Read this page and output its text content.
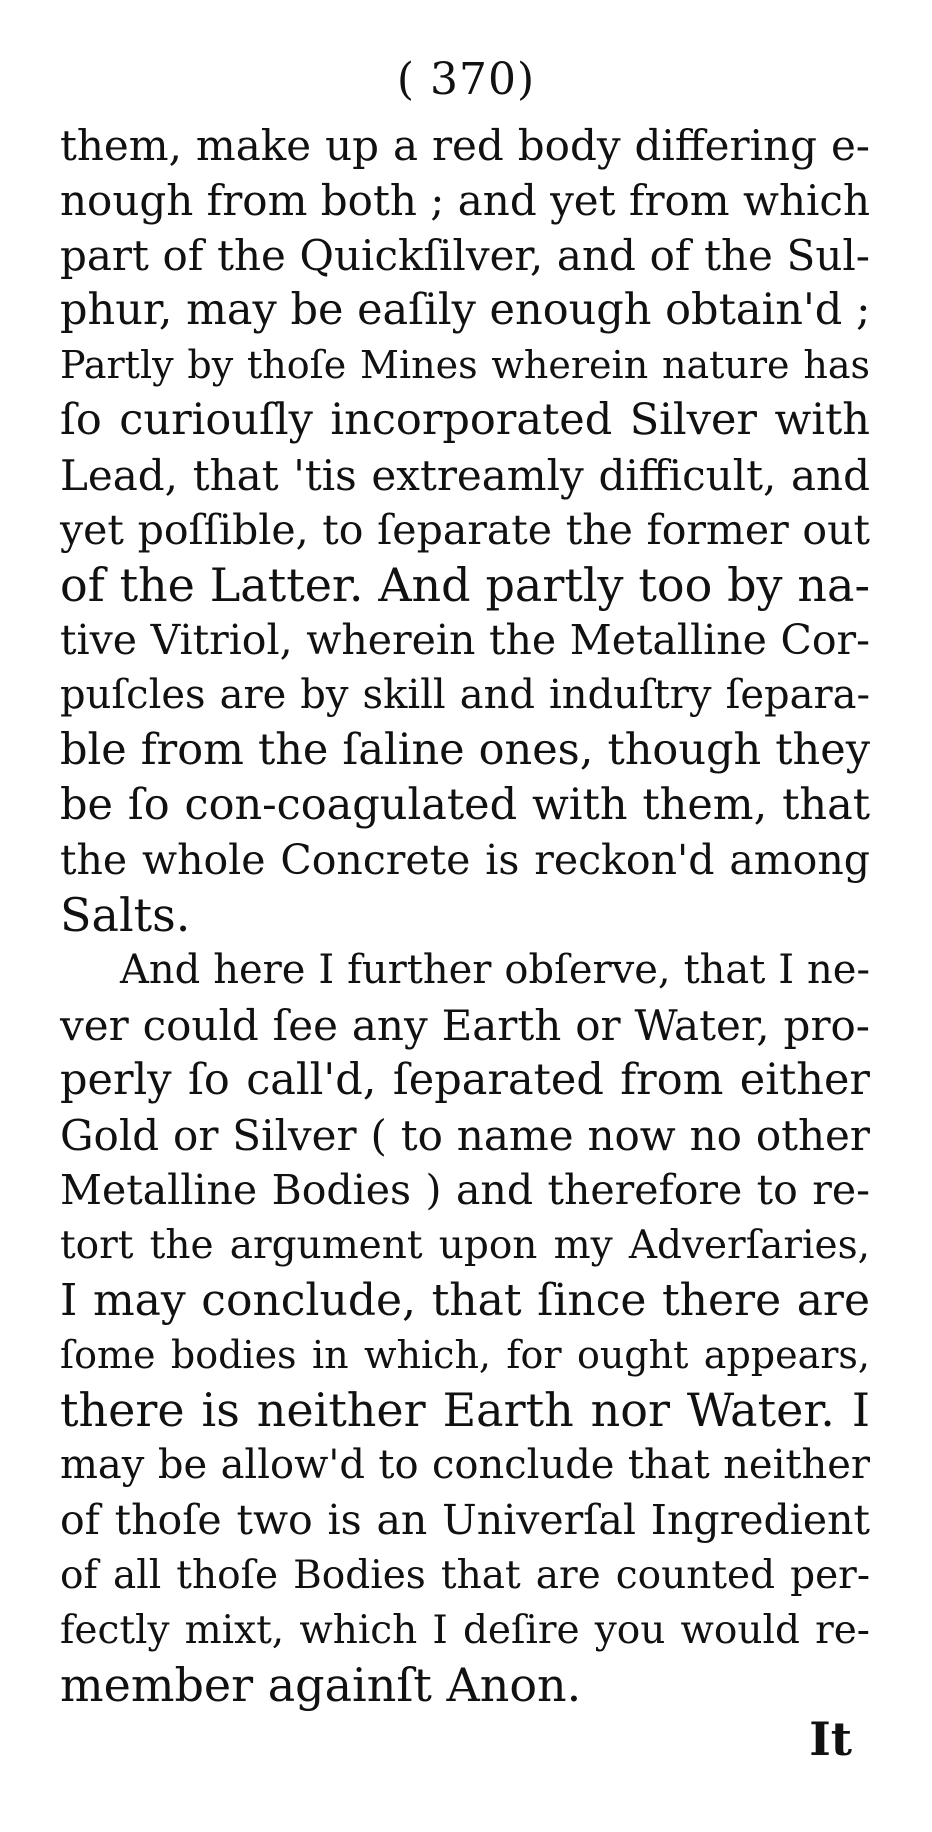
( 370)
them, make up a red body differing e-
nough from both ; and yet from which
part of the Quickſilver, and of the Sul-
phur, may be eaſily enough obtain'd ;
Partly by thoſe Mines wherein nature has
ſo curiouſly incorporated Silver with
Lead, that 'tis extreamly difficult, and
yet poſſible, to ſeparate the former out
of the Latter. And partly too by na-
tive Vitriol, wherein the Metalline Cor-
puſcles are by skill and induſtry ſepara-
ble from the ſaline ones, though they
be ſo con-coagulated with them, that
the whole Concrete is reckon'd among
Salts.
And here I further obſerve, that I ne-
ver could ſee any Earth or Water, pro-
perly ſo call'd, ſeparated from either
Gold or Silver ( to name now no other
Metalline Bodies ) and therefore to re-
tort the argument upon my Adverſaries,
I may conclude, that ſince there are
ſome bodies in which, for ought appears,
there is neither Earth nor Water. I
may be allow'd to conclude that neither
of thoſe two is an Univerſal Ingredient
of all thoſe Bodies that are counted per-
fectly mixt, which I deſire you would re-
member againſt Anon.
It
